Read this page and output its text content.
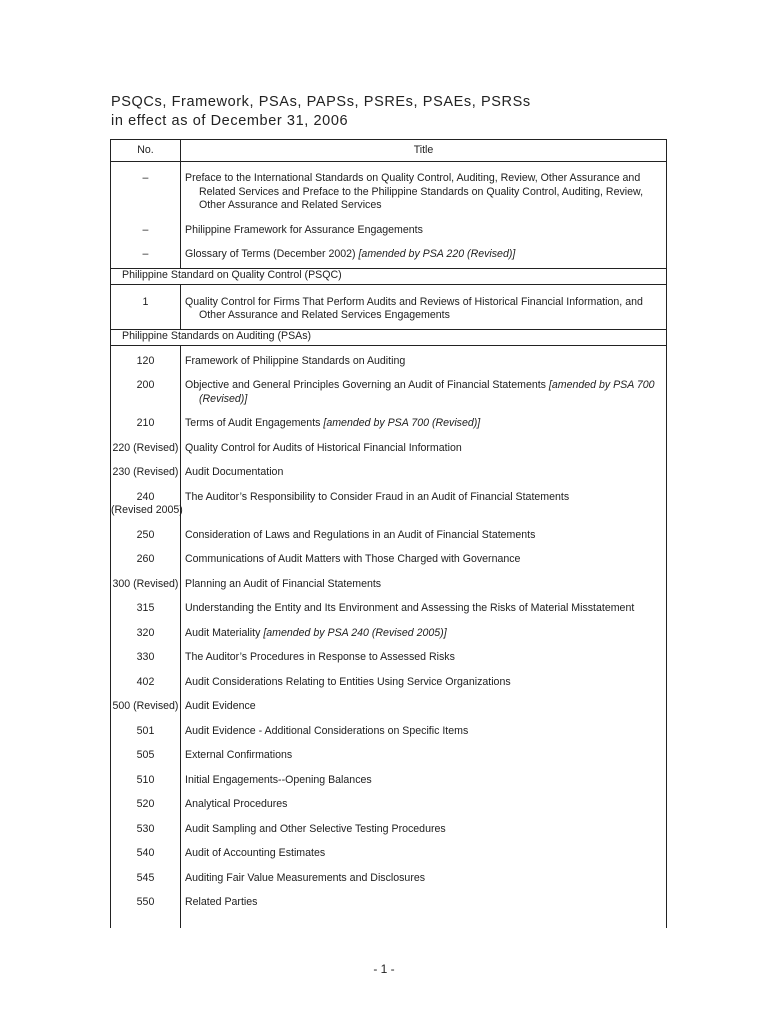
PSQCs, Framework, PSAs, PAPSs, PSREs, PSAEs, PSRSs
in effect as of December 31, 2006
No.	Title

–	Preface to the International Standards on Quality Control, Auditing, Review, Other Assurance and Related Services and Preface to the Philippine Standards on Quality Control, Auditing, Review, Other Assurance and Related Services

–	Philippine Framework for Assurance Engagements

–	Glossary of Terms (December 2002) [amended by PSA 220 (Revised)]

Philippine Standard on Quality Control (PSQC)	

1	Quality Control for Firms That Perform Audits and Reviews of Historical Financial Information, and Other Assurance and Related Services Engagements

Philippine Standards on Auditing (PSAs)	

120	Framework of Philippine Standards on Auditing

200	Objective and General Principles Governing an Audit of Financial Statements [amended by PSA 700 (Revised)]

210	Terms of Audit Engagements [amended by PSA 700 (Revised)]

220 (Revised)	Quality Control for Audits of Historical Financial Information

230 (Revised)	Audit Documentation

240
(Revised 2005)	The Auditor’s Responsibility to Consider Fraud in an Audit of Financial Statements

250	Consideration of Laws and Regulations in an Audit of Financial Statements

260	Communications of Audit Matters with Those Charged with Governance

300 (Revised)	Planning an Audit of Financial Statements

315	Understanding the Entity and Its Environment and Assessing the Risks of Material Misstatement

320	Audit Materiality [amended by PSA 240 (Revised 2005)]

330	The Auditor’s Procedures in Response to Assessed Risks

402	Audit Considerations Relating to Entities Using Service Organizations

500 (Revised)	Audit Evidence

501	Audit Evidence - Additional Considerations on Specific Items

505	External Confirmations

510	Initial Engagements--Opening Balances

520	Analytical Procedures

530	Audit Sampling and Other Selective Testing Procedures

540	Audit of Accounting Estimates

545	Auditing Fair Value Measurements and Disclosures

550	Related Parties
- 1 -
